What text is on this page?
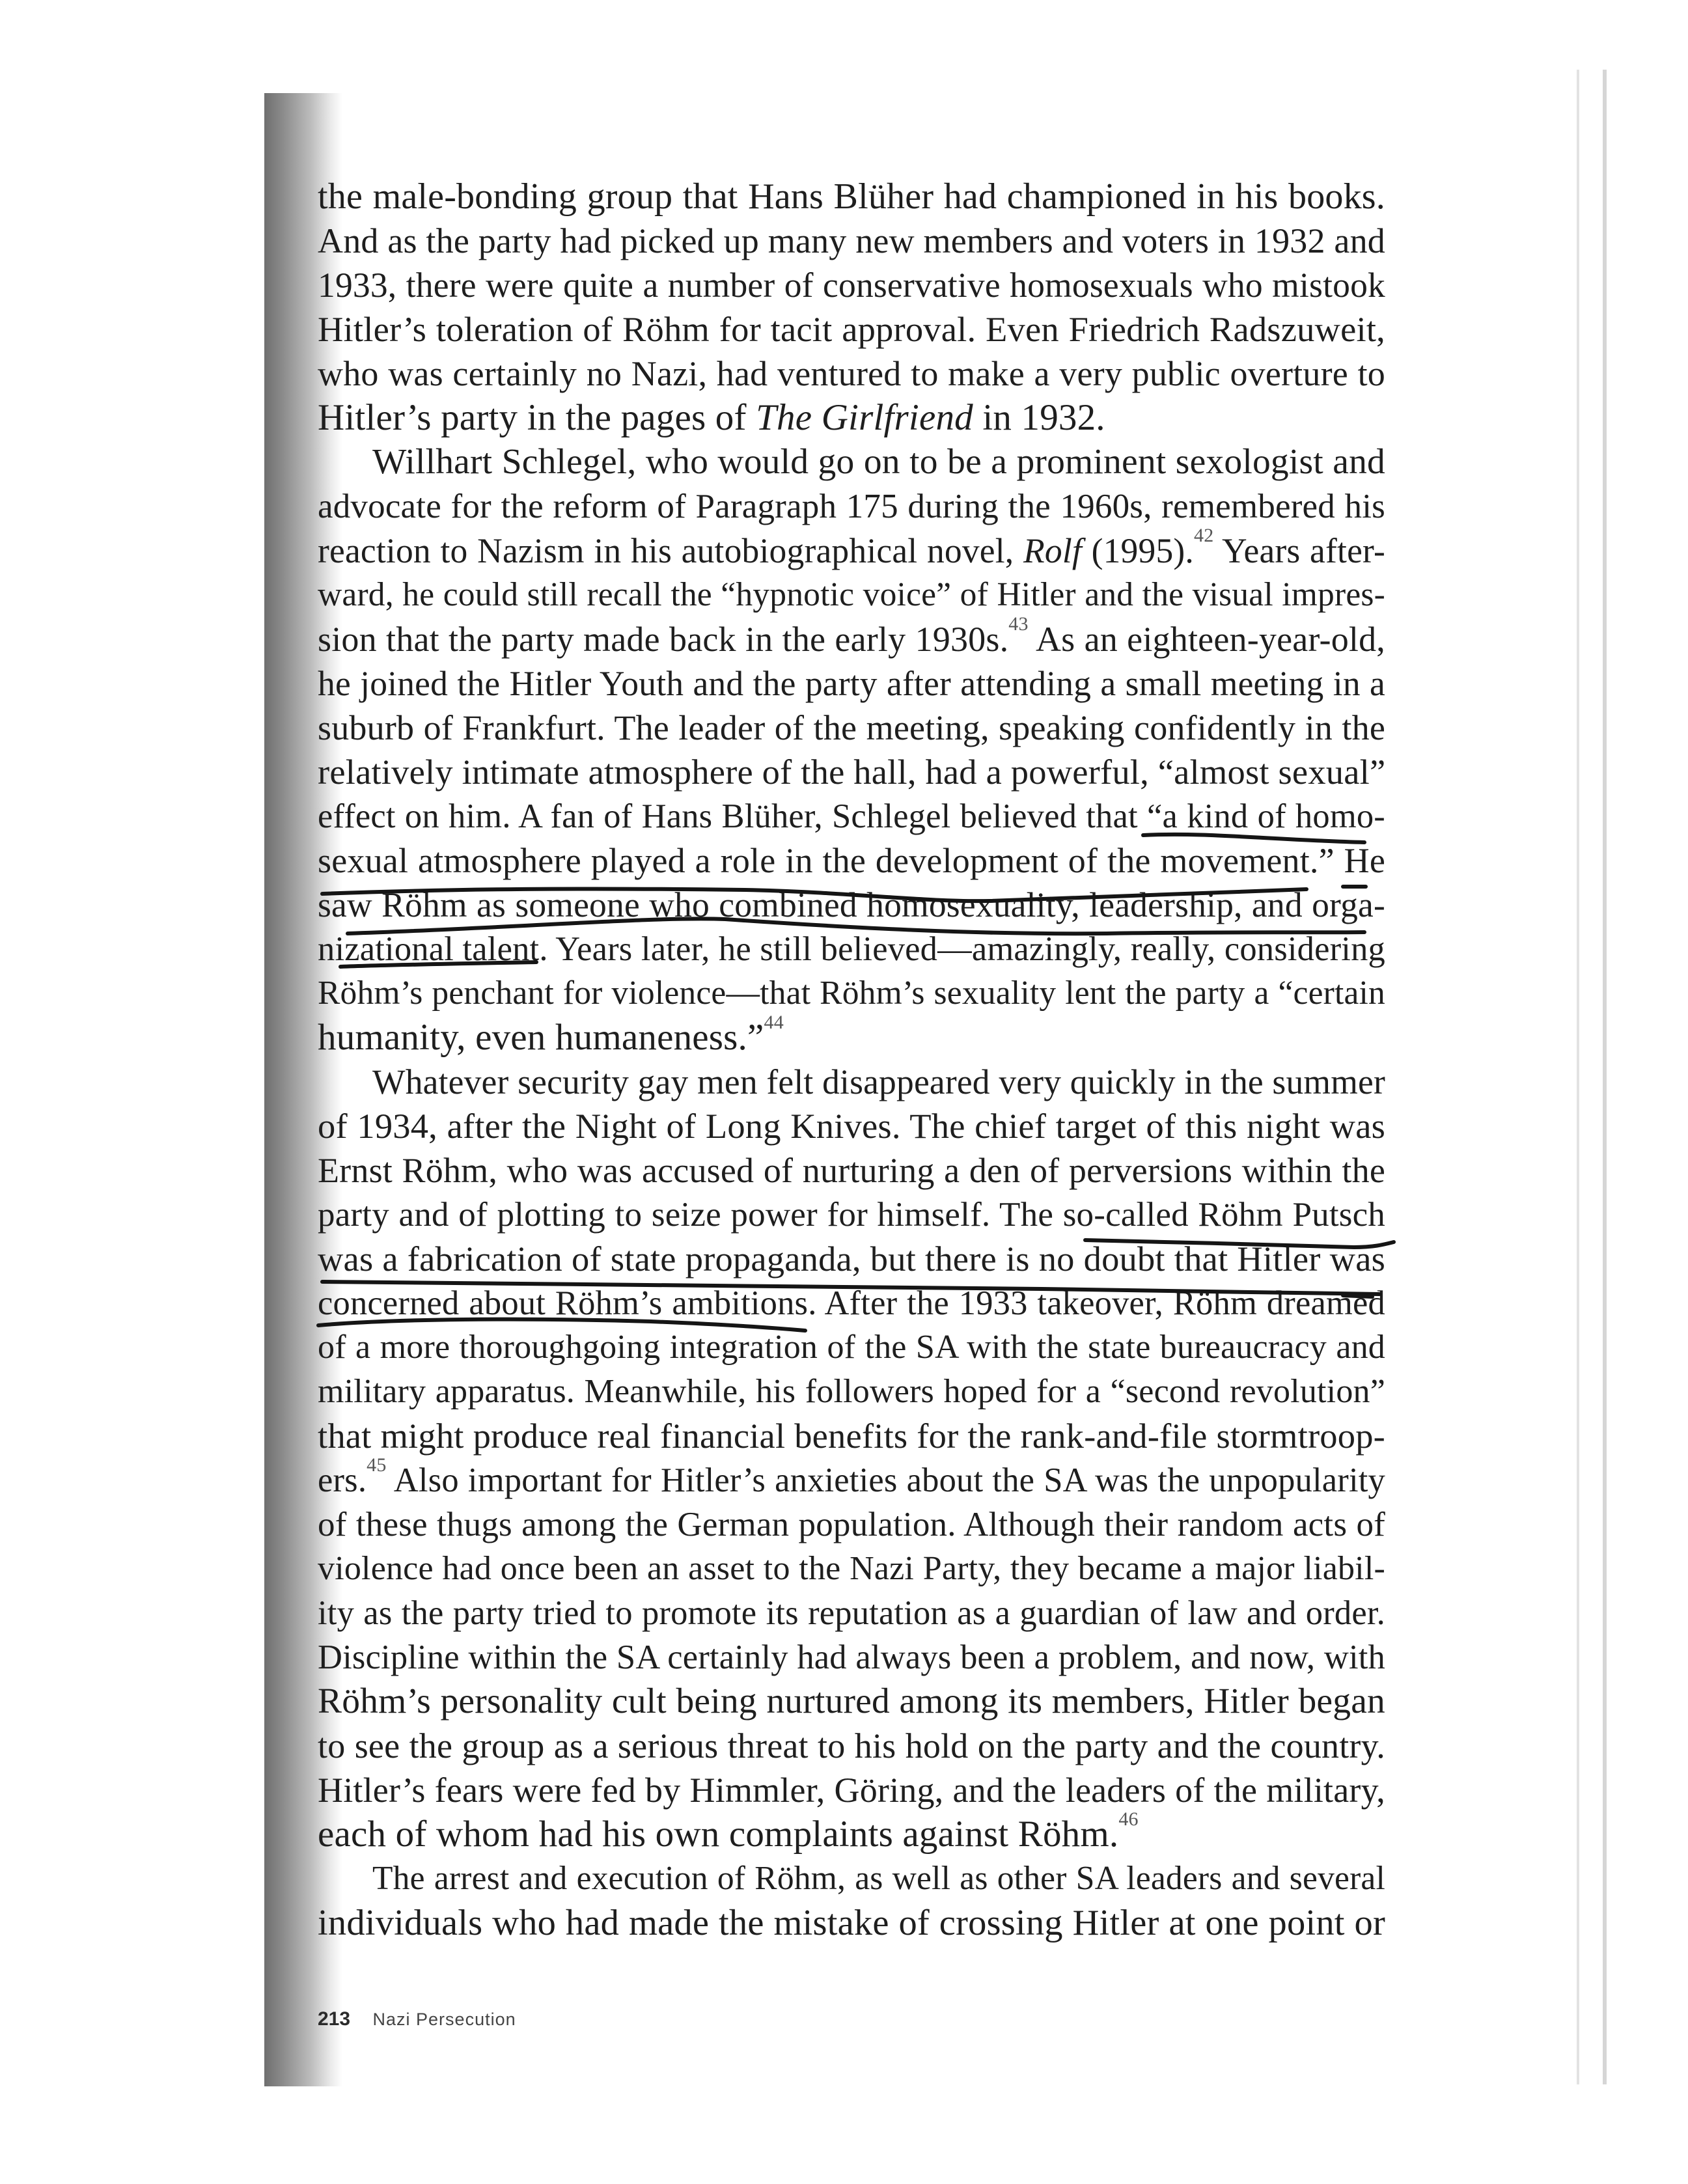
the male-bonding group that Hans Blüher had championed in his books.
And as the party had picked up many new members and voters in 1932 and
1933, there were quite a number of conservative homosexuals who mistook
Hitler’s toleration of Röhm for tacit approval. Even Friedrich Radszuweit,
who was certainly no Nazi, had ventured to make a very public overture to
Hitler’s party in the pages of The Girlfriend in 1932.
Willhart Schlegel, who would go on to be a prominent sexologist and
advocate for the reform of Paragraph 175 during the 1960s, remembered his
reaction to Nazism in his autobiographical novel, Rolf (1995).$^{42}$ Years after-
ward, he could still recall the “hypnotic voice” of Hitler and the visual impres-
sion that the party made back in the early 1930s.$^{43}$ As an eighteen-year-old,
he joined the Hitler Youth and the party after attending a small meeting in a
suburb of Frankfurt. The leader of the meeting, speaking confidently in the
relatively intimate atmosphere of the hall, had a powerful, “almost sexual”
effect on him. A fan of Hans Blüher, Schlegel believed that “a kind of homo-
sexual atmosphere played a role in the development of the movement.” He
saw Röhm as someone who combined homosexuality, leadership, and orga-
nizational talent. Years later, he still believed—amazingly, really, considering
Röhm’s penchant for violence—that Röhm’s sexuality lent the party a “certain
humanity, even humaneness.”$^{44}$
Whatever security gay men felt disappeared very quickly in the summer
of 1934, after the Night of Long Knives. The chief target of this night was
Ernst Röhm, who was accused of nurturing a den of perversions within the
party and of plotting to seize power for himself. The so-called Röhm Putsch
was a fabrication of state propaganda, but there is no doubt that Hitler was
concerned about Röhm’s ambitions. After the 1933 takeover, Röhm dreamed
of a more thoroughgoing integration of the SA with the state bureaucracy and
military apparatus. Meanwhile, his followers hoped for a “second revolution”
that might produce real financial benefits for the rank-and-file stormtroop-
ers.$^{45}$ Also important for Hitler’s anxieties about the SA was the unpopularity
of these thugs among the German population. Although their random acts of
violence had once been an asset to the Nazi Party, they became a major liabil-
ity as the party tried to promote its reputation as a guardian of law and order.
Discipline within the SA certainly had always been a problem, and now, with
Röhm’s personality cult being nurtured among its members, Hitler began
to see the group as a serious threat to his hold on the party and the country.
Hitler’s fears were fed by Himmler, Göring, and the leaders of the military,
each of whom had his own complaints against Röhm.$^{46}$
The arrest and execution of Röhm, as well as other SA leaders and several
individuals who had made the mistake of crossing Hitler at one point or
213 Nazi Persecution
